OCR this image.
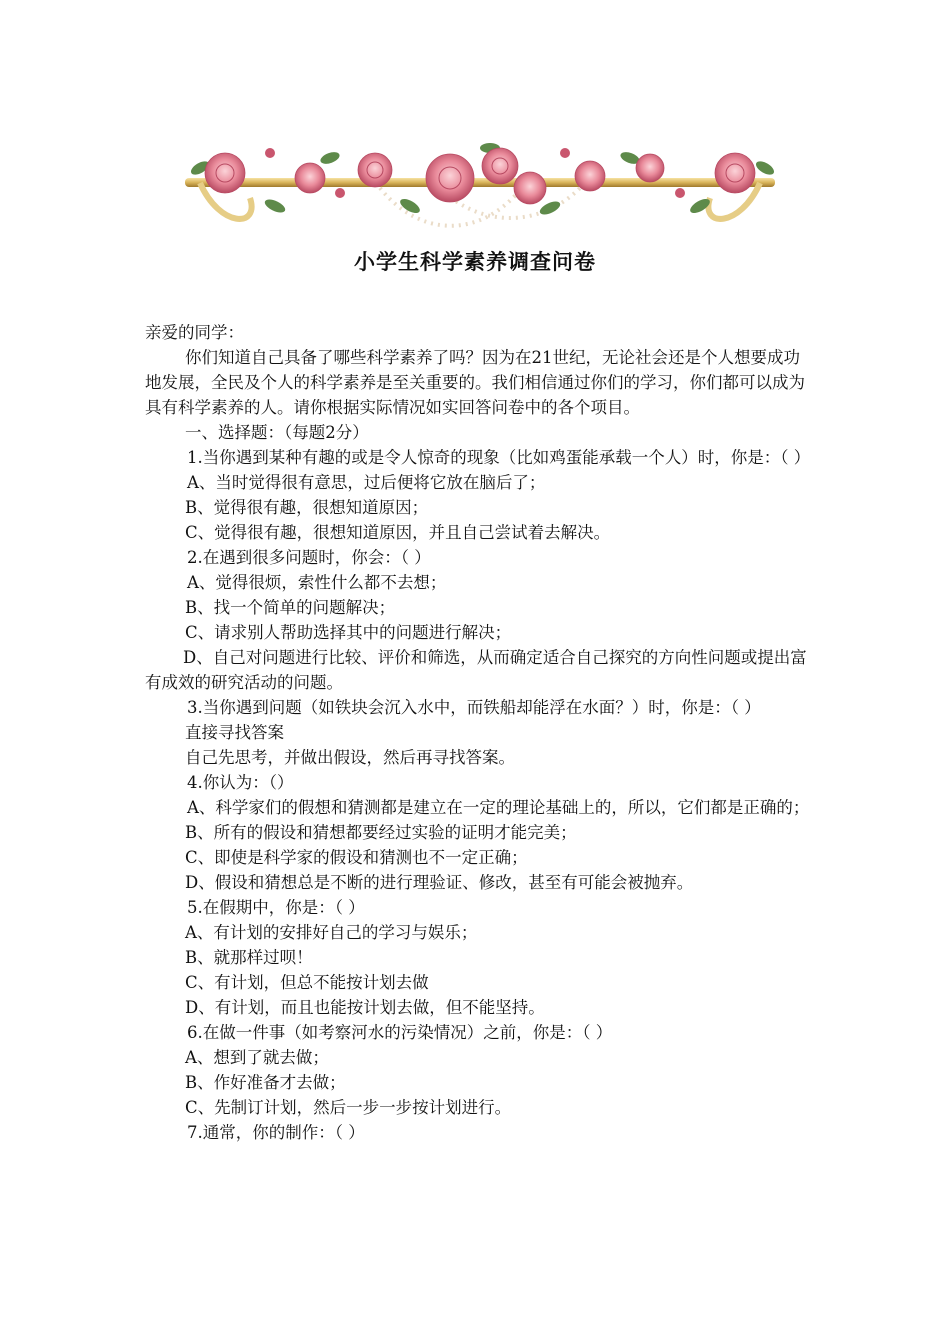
小学生科学素养调查问卷

亲爱的同学：

你们知道自己具备了哪些科学素养了吗？因为在21世纪，无论社会还是个人想要成功地发展，全民及个人的科学素养是至关重要的。我们相信通过你们的学习，你们都可以成为具有科学素养的人。请你根据实际情况如实回答问卷中的各个项目。

一、选择题：（每题2分）

1.当你遇到某种有趣的或是令人惊奇的现象（比如鸡蛋能承载一个人）时，你是：（ ）

A、当时觉得很有意思，过后便将它放在脑后了；

B、觉得很有趣，很想知道原因；

C、觉得很有趣，很想知道原因，并且自己尝试着去解决。

2.在遇到很多问题时，你会：（ ）

A、觉得很烦，索性什么都不去想；

B、找一个简单的问题解决；

C、请求别人帮助选择其中的问题进行解决；

D、自己对问题进行比较、评价和筛选，从而确定适合自己探究的方向性问题或提出富有成效的研究活动的问题。

3.当你遇到问题（如铁块会沉入水中，而铁船却能浮在水面？）时，你是：（ ）

直接寻找答案

自己先思考，并做出假设，然后再寻找答案。

4.你认为：（）

A、科学家们的假想和猜测都是建立在一定的理论基础上的，所以，它们都是正确的；

B、所有的假设和猜想都要经过实验的证明才能完美；

C、即使是科学家的假设和猜测也不一定正确；

D、假设和猜想总是不断的进行理验证、修改，甚至有可能会被抛弃。

5.在假期中，你是：（ ）

A、有计划的安排好自己的学习与娱乐；

B、就那样过呗！

C、有计划，但总不能按计划去做

D、有计划，而且也能按计划去做，但不能坚持。

6.在做一件事（如考察河水的污染情况）之前，你是：（ ）

A、想到了就去做；

B、作好准备才去做；

C、先制订计划，然后一步一步按计划进行。

7.通常，你的制作：（ ）
